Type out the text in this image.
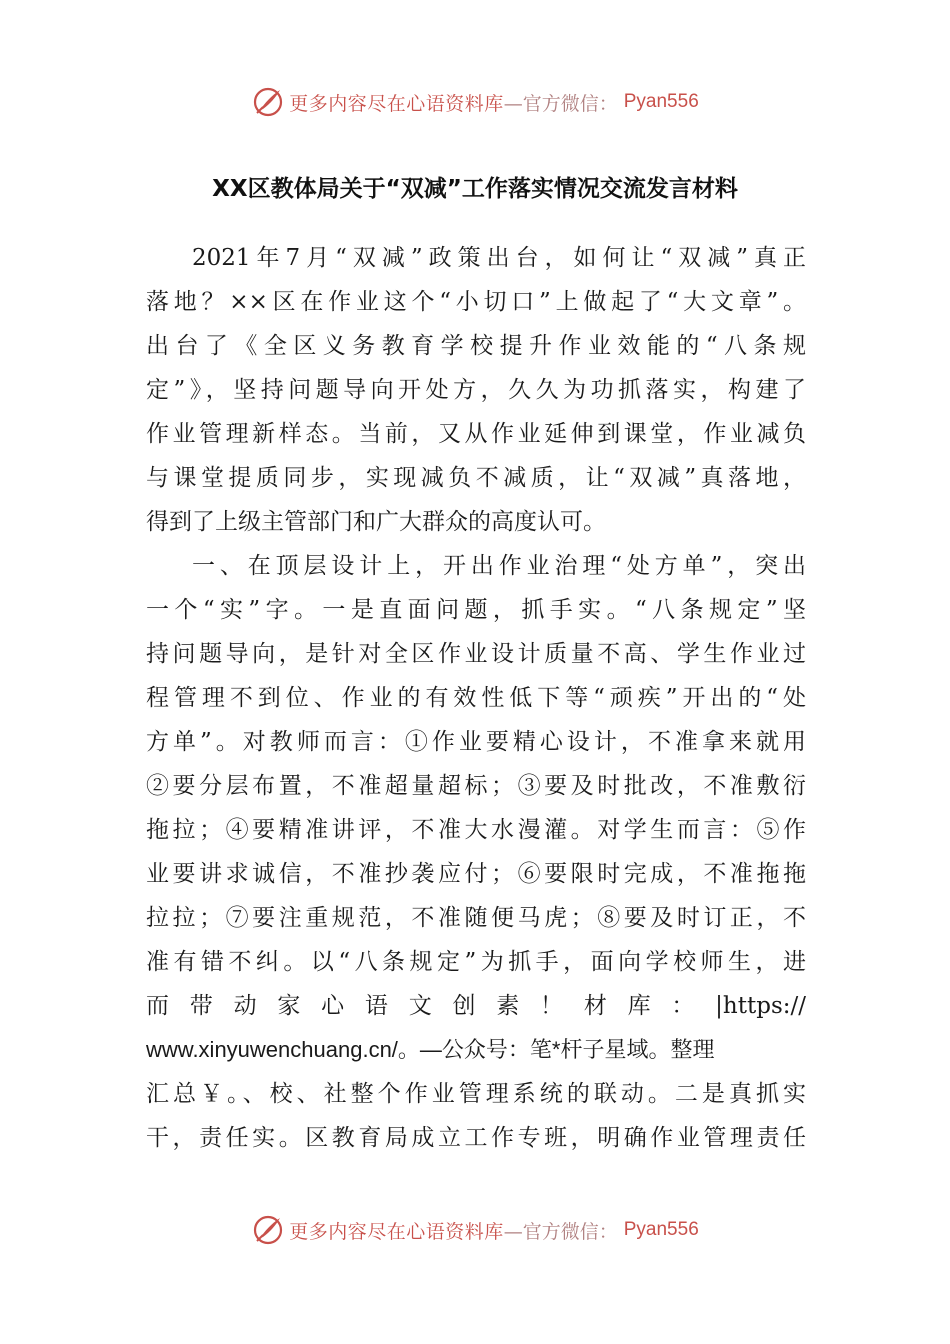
更多内容尽在心语资料库 —官方微信： Pyan556
XX区教体局关于“双减”工作落实情况交流发言材料
2021年7月“双减”政策出台，如何让“双减”真正
落地？××区在作业这个“小切口”上做起了“大文章”。
出台了《全区义务教育学校提升作业效能的“八条规
定”》，坚持问题导向开处方，久久为功抓落实，构建了
作业管理新样态。当前，又从作业延伸到课堂，作业减负
与课堂提质同步，实现减负不减质，让“双减”真落地，
得到了上级主管部门和广大群众的高度认可。
一、在顶层设计上，开出作业治理“处方单”，突出
一个“实”字。一是直面问题，抓手实。“八条规定”坚
持问题导向，是针对全区作业设计质量不高、学生作业过
程管理不到位、作业的有效性低下等“顽疾”开出的“处
方单”。对教师而言：①作业要精心设计，不准拿来就用
②要分层布置，不准超量超标；③要及时批改，不准敷衍
拖拉；④要精准讲评，不准大水漫灌。对学生而言：⑤作
业要讲求诚信，不准抄袭应付；⑥要限时完成，不准拖拖
拉拉；⑦要注重规范，不准随便马虎；⑧要及时订正，不
准有错不纠。以“八条规定”为抓手，面向学校师生，进
而带动家心语文创素！材库：|https://
www.xinyuwenchuang.cn/。—公众号：笔*杆子星域。整理
汇总￥。、校、社整个作业管理系统的联动。二是真抓实
干，责任实。区教育局成立工作专班，明确作业管理责任
更多内容尽在心语资料库 —官方微信： Pyan556
